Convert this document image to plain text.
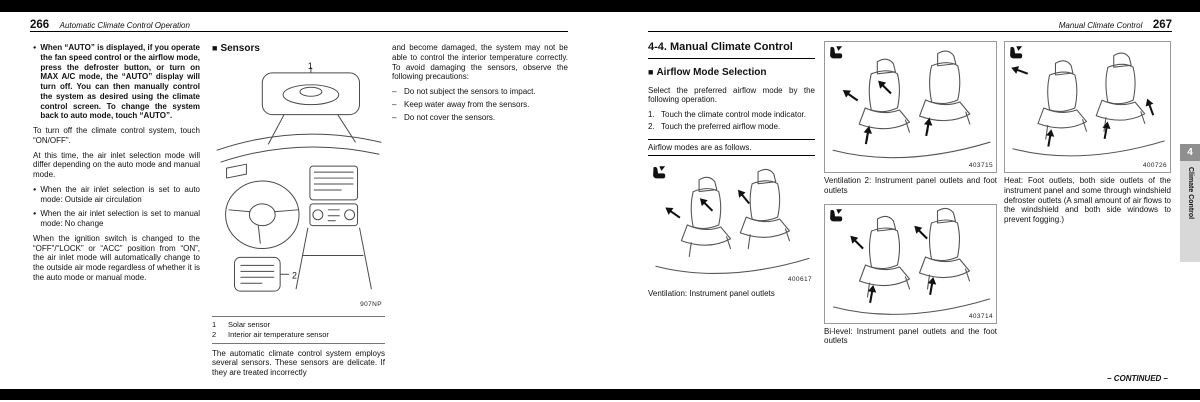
266 Automatic Climate Control Operation
● When “AUTO” is displayed, if you operate the fan speed control or the airflow mode, press the defroster button, or turn on MAX A/C mode, the “AUTO” display will turn off. You can then manually control the system as desired using the climate control screen. To change the system back to auto mode, touch “AUTO”.

To turn off the climate control system, touch “ON/OFF”.

At this time, the air inlet selection mode will differ depending on the auto mode and manual mode.

● When the air inlet selection is set to auto mode: Outside air circulation

● When the air inlet selection is set to manual mode: No change

When the ignition switch is changed to the “OFF”/“LOCK” or “ACC” position from “ON”, the air inlet mode will automatically change to the outside air mode regardless of whether it is the auto mode or manual mode.

■ Sensors
1
2
907NP
1	Solar sensor
2	Interior air temperature sensor

The automatic climate control system employs several sensors. These sensors are delicate. If they are treated incorrectly

and become damaged, the system may not be able to control the interior temperature correctly. To avoid damaging the sensors, observe the following precautions:

– Do not subject the sensors to impact.

– Keep water away from the sensors.

– Do not cover the sensors.

Manual Climate Control 267
4-4. Manual Climate Control
■ Airflow Mode Selection

Select the preferred airflow mode by the following operation.

1. Touch the climate control mode indicator.

2. Touch the preferred airflow mode.

Airflow modes are as follows.
400617

Ventilation: Instrument panel outlets

403715

Ventilation 2: Instrument panel outlets and foot outlets

403714

Bi-level: Instrument panel outlets and the foot outlets

400726

Heat: Foot outlets, both side outlets of the instrument panel and some through windshield defroster outlets (A small amount of air flows to the windshield and both side windows to prevent fogging.)

– CONTINUED –
4
Climate Control
